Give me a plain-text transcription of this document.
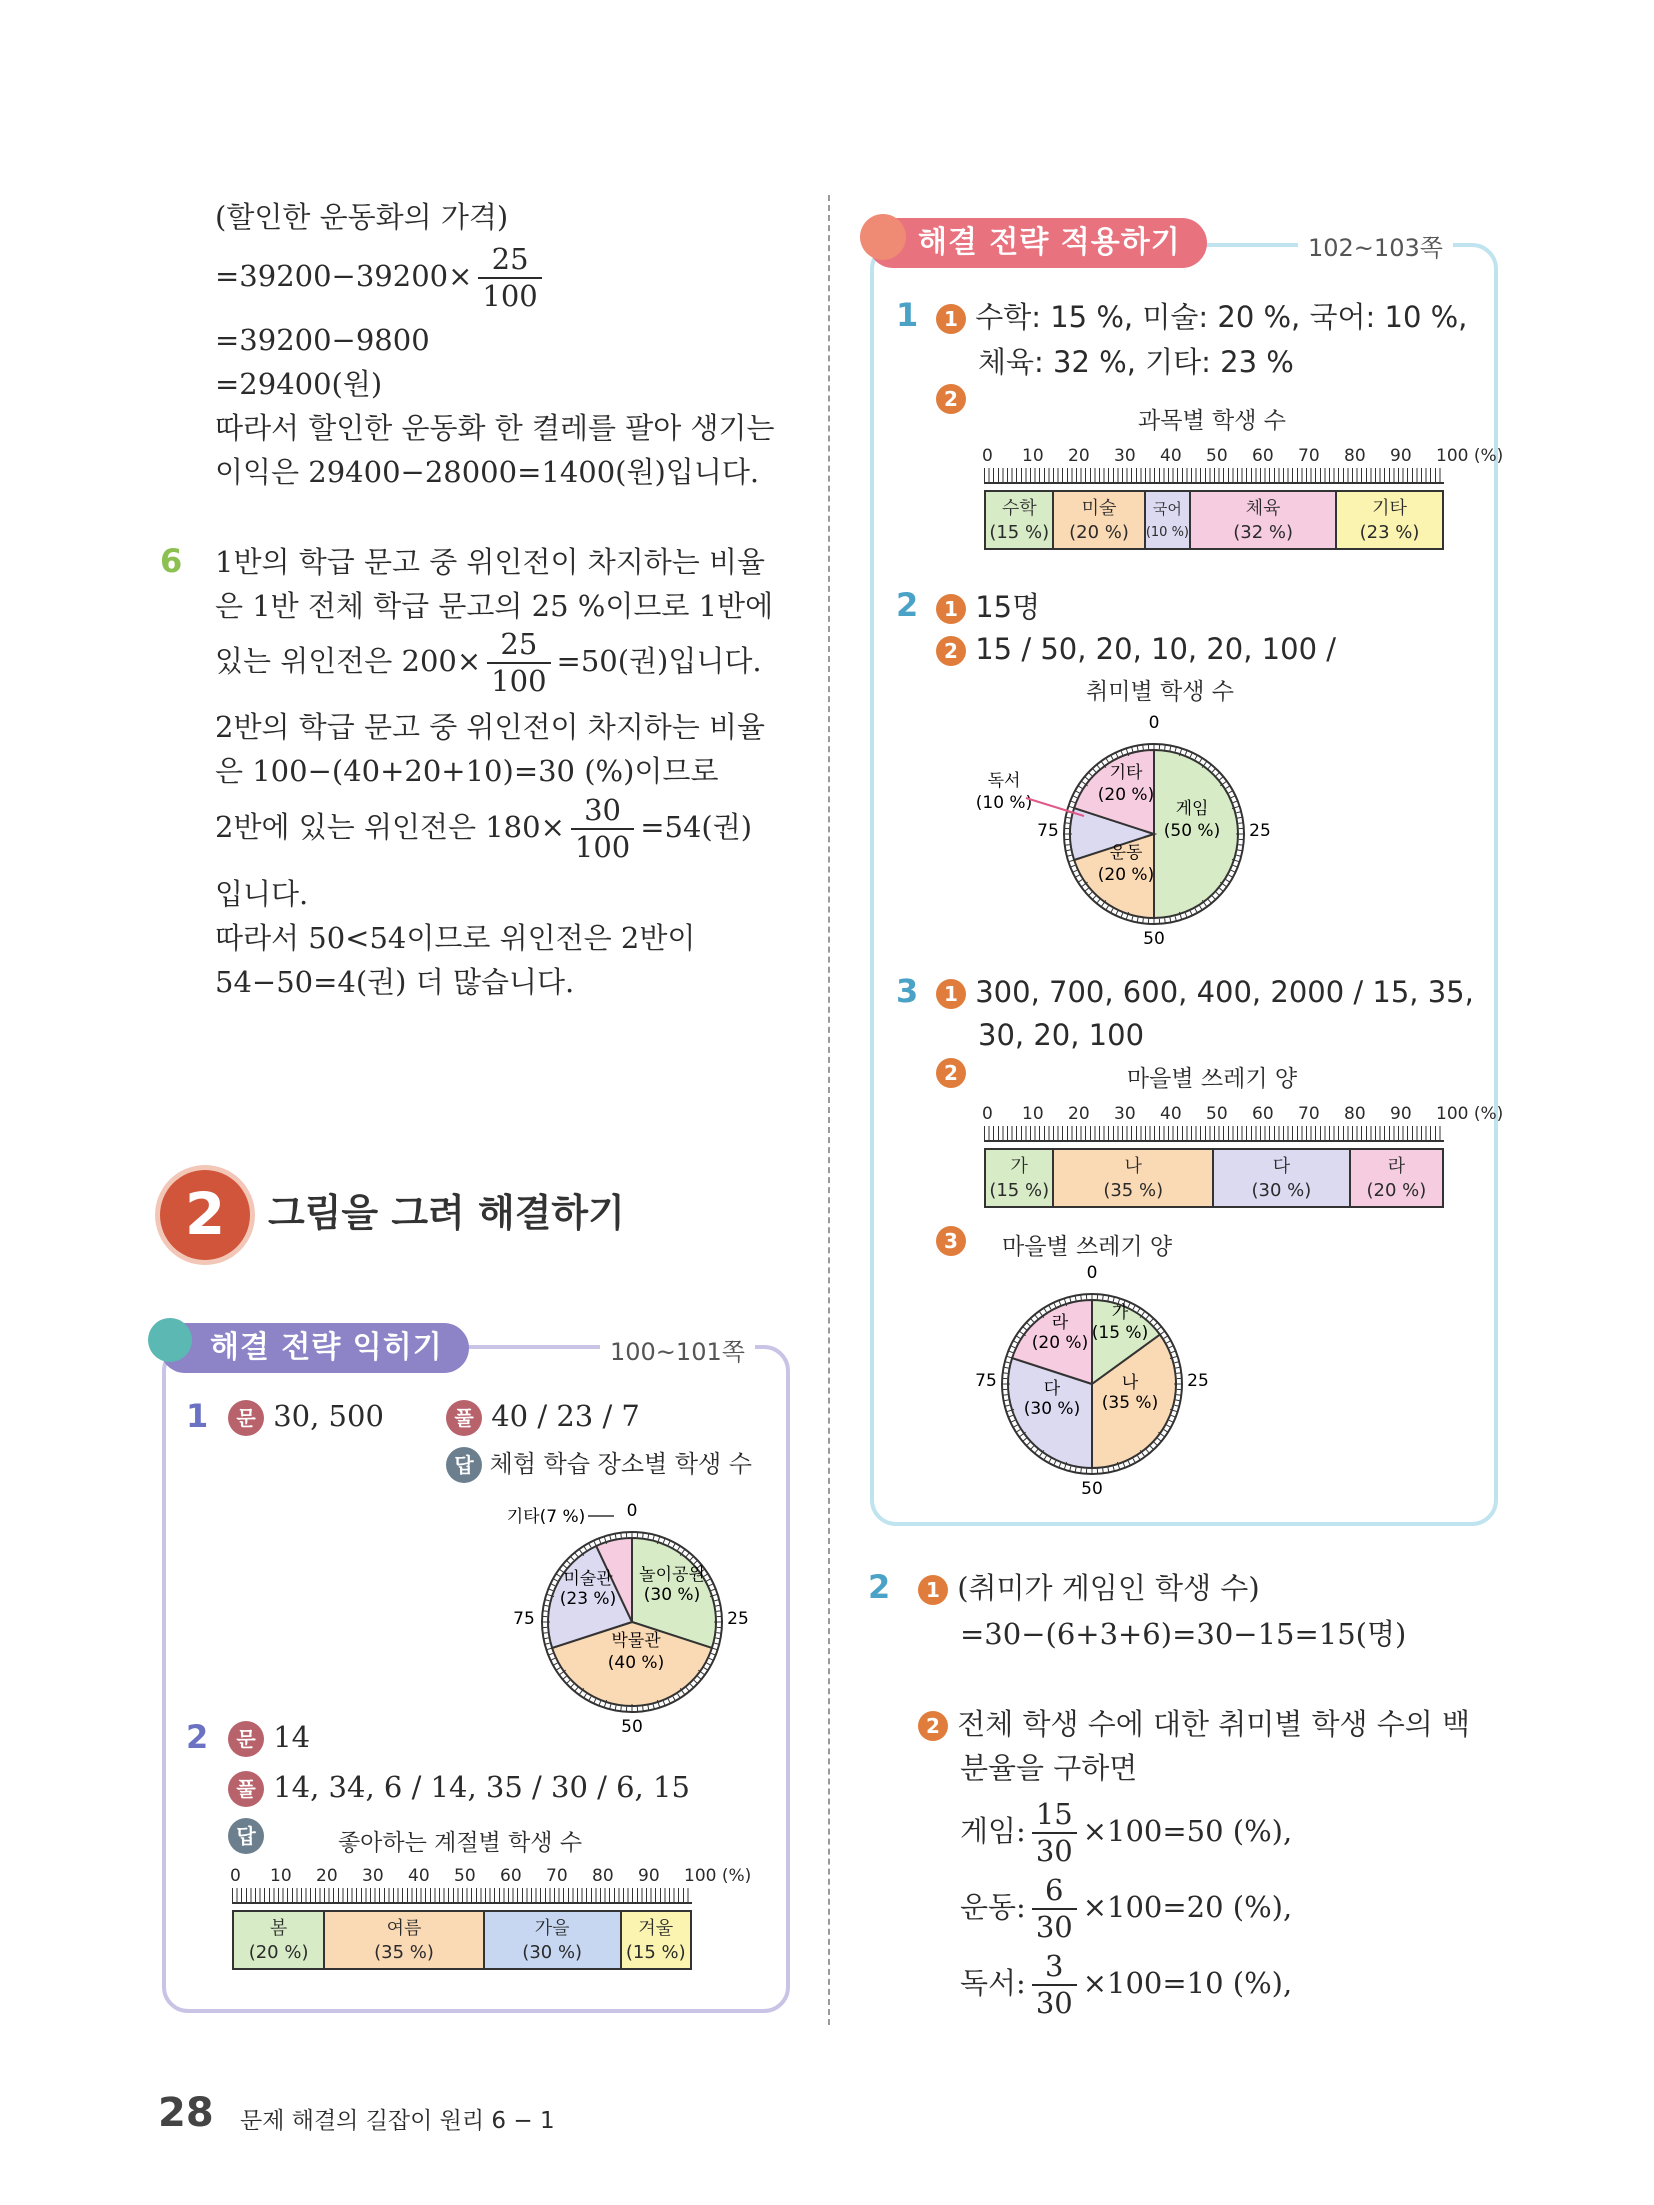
(할인한 운동화의 가격)
$=39200-39200\times \frac{25}{100}$
=39200−9800
=29400(원)
따라서 할인한 운동화 한 켤레를 팔아 생기는
이익은 29400−28000=1400(원)입니다.
6 1반의 학급 문고 중 위인전이 차지하는 비율
은 1반 전체 학급 문고의 25 %이므로 1반에
있는 위인전은 $200\times \frac{25}{100} =50$(권)입니다.
2반의 학급 문고 중 위인전이 차지하는 비율
은 100−(40+20+10)=30 (%)이므로
2반에 있는 위인전은 $180\times \frac{30}{100} =54$(권)
입니다.
따라서 50<54이므로 위인전은 2반이
54−50=4(권) 더 많습니다.
2	그림을 그려 해결하기
해결 전략 익히기	100~101쪽
1	문 30, 500	풀 40 / 23 / 7
답 체험 학습 장소별 학생 수
0
25
50
75
기타(7 %)
놀이공원
(30 %)
박물관
(40 %)
미술관
(23 %)
2	문 14
풀 14, 34, 6 / 14, 35 / 30 / 6, 15
답	좋아하는 계절별 학생 수
0 10 20 30 40 50 60 70 80 90 100 (%)
봄
(20 %)
여름
(35 %)
가을
(30 %)
겨울
(15 %)
해결 전략 적용하기	102~103쪽
1	1 수학: 15 %, 미술: 20 %, 국어: 10 %,
체육: 32 %, 기타: 23 %
2
과목별 학생 수
0 10 20 30 40 50 60 70 80 90 100 (%)
수학
(15 %)
미술
(20 %)
국어
(10 %)
체육
(32 %)
기타
(23 %)
2	1 15명
2 15 / 50, 20, 10, 20, 100 /
취미별 학생 수
0
25
50
75
독서
(10 %)
기타
(20 %)
게임
(50 %)
운동
(20 %)
3	1 300, 700, 600, 400, 2000 / 15, 35,
30, 20, 100
2	마을별 쓰레기 양
0 10 20 30 40 50 60 70 80 90 100 (%)
가
(15 %)
나
(35 %)
다
(30 %)
라
(20 %)
3	마을별 쓰레기 양
0
25
50
75
가
(15 %)
나
(35 %)
다
(30 %)
라
(20 %)
2	1 (취미가 게임인 학생 수)
=30−(6+3+6)=30−15=15(명)
2 전체 학생 수에 대한 취미별 학생 수의 백
분율을 구하면
게임: $\frac{15}{30} \times 100=50$ (%),
운동: $\frac{6}{30} \times 100=20$ (%),
독서: $\frac{3}{30} \times 100=10$ (%),
28 문제 해결의 길잡이 원리 6 − 1
